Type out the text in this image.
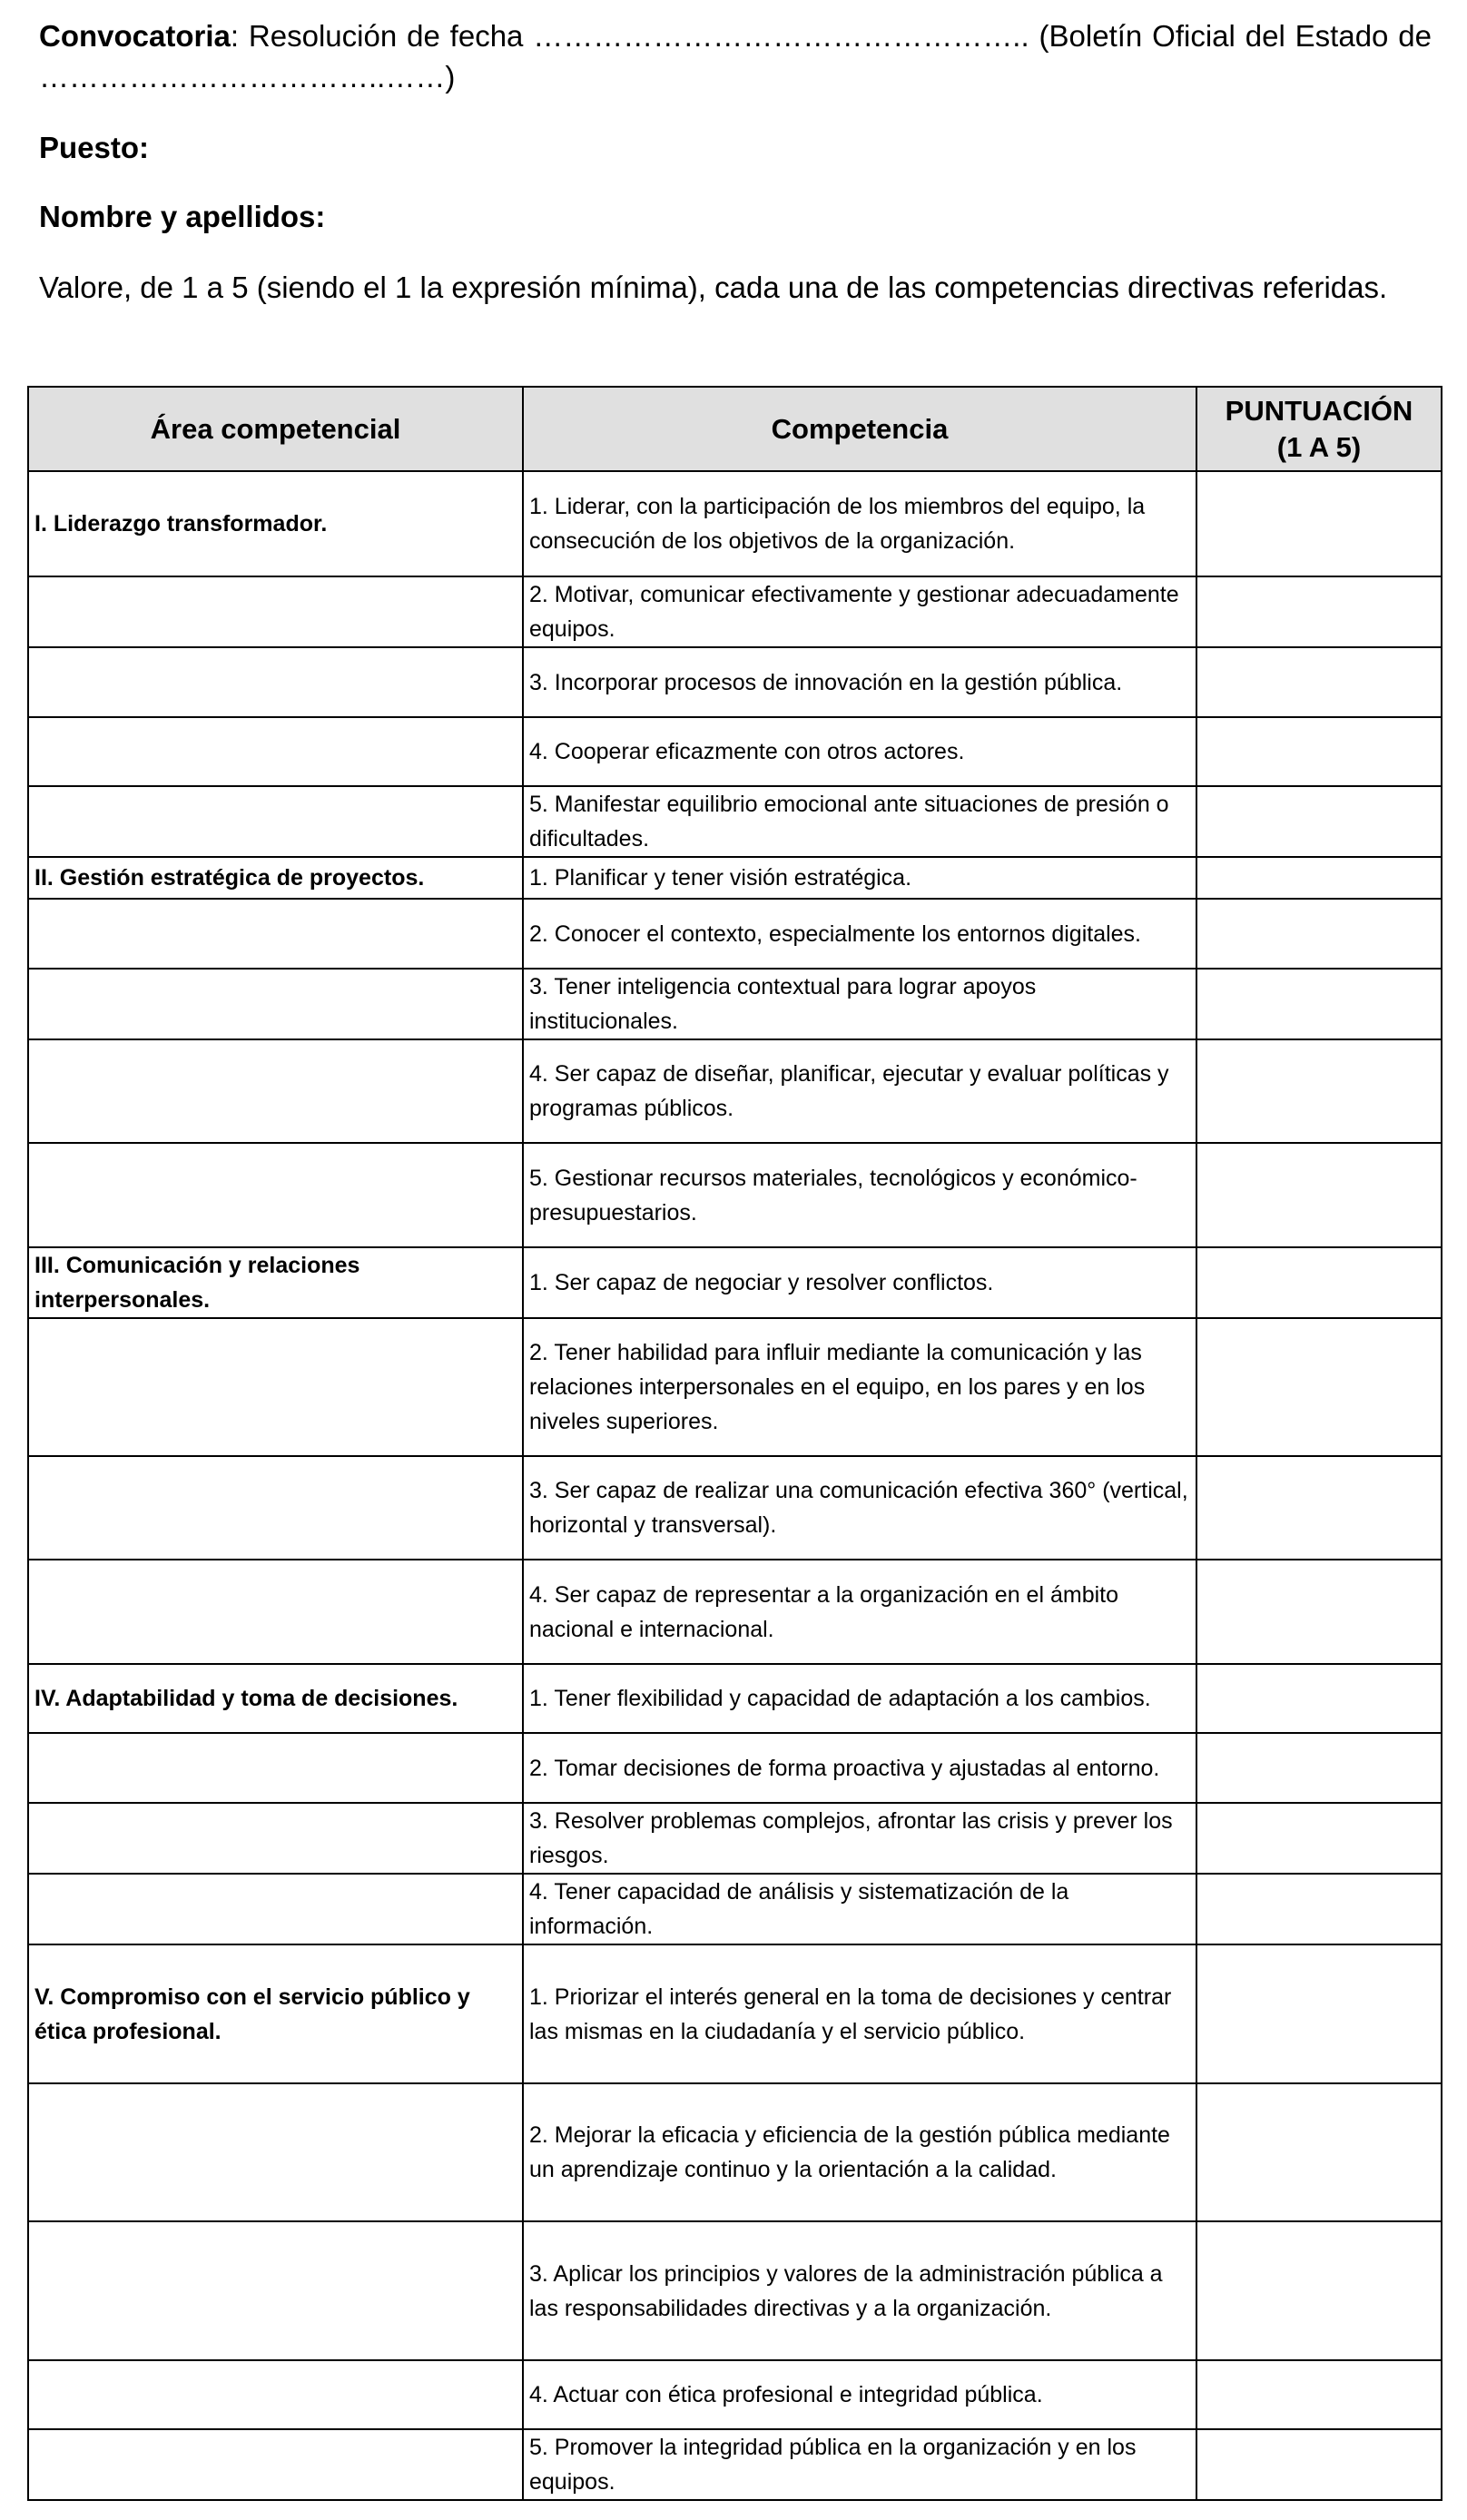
Convocatoria: Resolución de fecha ………………………………………….. (Boletín Oficial del Estado de ……………………………..……)

Puesto:

Nombre y apellidos:

Valore, de 1 a 5 (siendo el 1 la expresión mínima), cada una de las competencias directivas referidas.

Área competencial	Competencia	PUNTUACIÓN
(1 A 5)
I. Liderazgo transformador.	1. Liderar, con la participación de los miembros del equipo, la consecución de los objetivos de la organización.	

	2. Motivar, comunicar efectivamente y gestionar adecuadamente equipos.	

	3. Incorporar procesos de innovación en la gestión pública.	

	4. Cooperar eficazmente con otros actores.	

	5. Manifestar equilibrio emocional ante situaciones de presión o dificultades.	

II. Gestión estratégica de proyectos.	1. Planificar y tener visión estratégica.	

	2. Conocer el contexto, especialmente los entornos digitales.	

	3. Tener inteligencia contextual para lograr apoyos institucionales.	

	4. Ser capaz de diseñar, planificar, ejecutar y evaluar políticas y programas públicos.	

	5. Gestionar recursos materiales, tecnológicos y económico-presupuestarios.	

III. Comunicación y relaciones interpersonales.	1. Ser capaz de negociar y resolver conflictos.	

	2. Tener habilidad para influir mediante la comunicación y las relaciones interpersonales en el equipo, en los pares y en los niveles superiores.	

	3. Ser capaz de realizar una comunicación efectiva 360° (vertical, horizontal y transversal).	

	4. Ser capaz de representar a la organización en el ámbito nacional e internacional.	

IV. Adaptabilidad y toma de decisiones.	1. Tener flexibilidad y capacidad de adaptación a los cambios.	

	2. Tomar decisiones de forma proactiva y ajustadas al entorno.	

	3. Resolver problemas complejos, afrontar las crisis y prever los riesgos.	

	4. Tener capacidad de análisis y sistematización de la información.	

V. Compromiso con el servicio público y ética profesional.	1. Priorizar el interés general en la toma de decisiones y centrar las mismas en la ciudadanía y el servicio público.	

	2. Mejorar la eficacia y eficiencia de la gestión pública mediante un aprendizaje continuo y la orientación a la calidad.	

	3. Aplicar los principios y valores de la administración pública a las responsabilidades directivas y a la organización.	

	4. Actuar con ética profesional e integridad pública.	

	5. Promover la integridad pública en la organización y en los equipos.	
